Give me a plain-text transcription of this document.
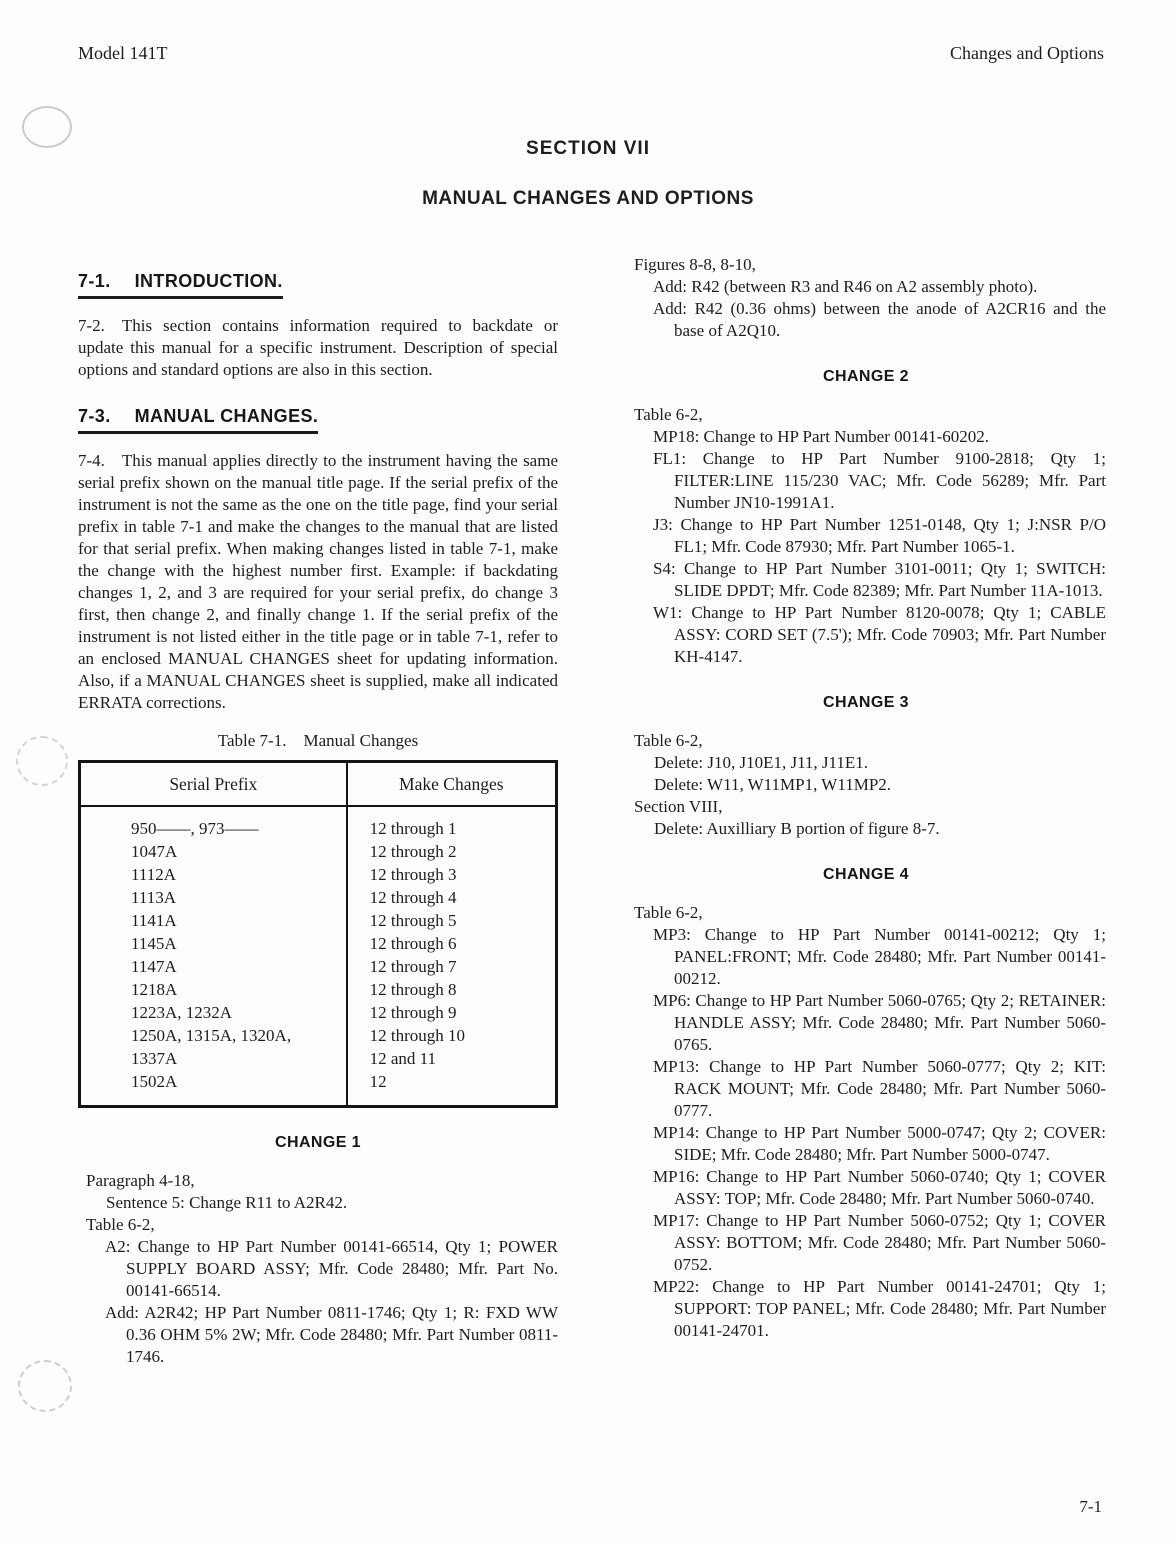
Model 141T	Changes and Options
SECTION VII
MANUAL CHANGES AND OPTIONS
7-1. INTRODUCTION.

7-2. This section contains information required to backdate or update this manual for a specific instrument. Description of special options and standard options are also in this section.

7-3. MANUAL CHANGES.

7-4. This manual applies directly to the instrument having the same serial prefix shown on the manual title page. If the serial prefix of the instrument is not the same as the one on the title page, find your serial prefix in table 7-1 and make the changes to the manual that are listed for that serial prefix. When making changes listed in table 7-1, make the change with the highest number first. Example: if backdating changes 1, 2, and 3 are required for your serial prefix, do change 3 first, then change 2, and finally change 1. If the serial prefix of the instrument is not listed either in the title page or in table 7-1, refer to an enclosed MANUAL CHANGES sheet for updating information. Also, if a MANUAL CHANGES sheet is supplied, make all indicated ERRATA corrections.

Table 7-1. Manual Changes
Serial Prefix	Make Changes
950——, 973——	12 through 1
1047A	12 through 2
1112A	12 through 3
1113A	12 through 4
1141A	12 through 5
1145A	12 through 6
1147A	12 through 7
1218A	12 through 8
1223A, 1232A	12 through 9
1250A, 1315A, 1320A,	12 through 10
1337A	12 and 11
1502A	12
CHANGE 1
Paragraph 4-18,
Sentence 5: Change R11 to A2R42.
Table 6-2,
A2: Change to HP Part Number 00141-66514, Qty 1; POWER SUPPLY BOARD ASSY; Mfr. Code 28480; Mfr. Part No. 00141-66514.
Add: A2R42; HP Part Number 0811-1746; Qty 1; R: FXD WW 0.36 OHM 5% 2W; Mfr. Code 28480; Mfr. Part Number 0811-1746.
Figures 8-8, 8-10,
Add: R42 (between R3 and R46 on A2 assembly photo).
Add: R42 (0.36 ohms) between the anode of A2CR16 and the base of A2Q10.
CHANGE 2
Table 6-2,
MP18: Change to HP Part Number 00141-60202.
FL1: Change to HP Part Number 9100-2818; Qty 1; FILTER:LINE 115/230 VAC; Mfr. Code 56289; Mfr. Part Number JN10-1991A1.
J3: Change to HP Part Number 1251-0148, Qty 1; J:NSR P/O FL1; Mfr. Code 87930; Mfr. Part Number 1065-1.
S4: Change to HP Part Number 3101-0011; Qty 1; SWITCH: SLIDE DPDT; Mfr. Code 82389; Mfr. Part Number 11A-1013.
W1: Change to HP Part Number 8120-0078; Qty 1; CABLE ASSY: CORD SET (7.5'); Mfr. Code 70903; Mfr. Part Number KH-4147.
CHANGE 3
Table 6-2,
Delete: J10, J10E1, J11, J11E1.
Delete: W11, W11MP1, W11MP2.
Section VIII,
Delete: Auxilliary B portion of figure 8-7.
CHANGE 4
Table 6-2,
MP3: Change to HP Part Number 00141-00212; Qty 1; PANEL:FRONT; Mfr. Code 28480; Mfr. Part Number 00141-00212.
MP6: Change to HP Part Number 5060-0765; Qty 2; RETAINER: HANDLE ASSY; Mfr. Code 28480; Mfr. Part Number 5060-0765.
MP13: Change to HP Part Number 5060-0777; Qty 2; KIT: RACK MOUNT; Mfr. Code 28480; Mfr. Part Number 5060-0777.
MP14: Change to HP Part Number 5000-0747; Qty 2; COVER: SIDE; Mfr. Code 28480; Mfr. Part Number 5000-0747.
MP16: Change to HP Part Number 5060-0740; Qty 1; COVER ASSY: TOP; Mfr. Code 28480; Mfr. Part Number 5060-0740.
MP17: Change to HP Part Number 5060-0752; Qty 1; COVER ASSY: BOTTOM; Mfr. Code 28480; Mfr. Part Number 5060-0752.
MP22: Change to HP Part Number 00141-24701; Qty 1; SUPPORT: TOP PANEL; Mfr. Code 28480; Mfr. Part Number 00141-24701.
7-1
